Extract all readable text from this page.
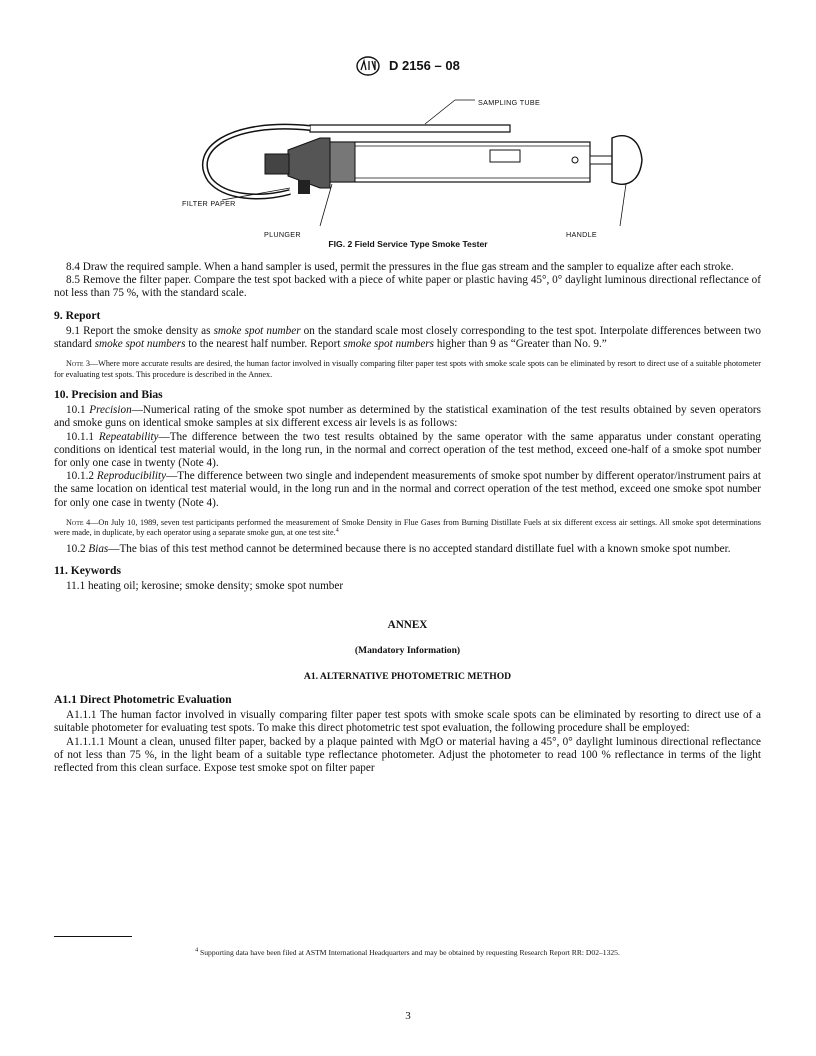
D 2156 – 08
SAMPLING TUBE
FILTER PAPER
PLUNGER	HANDLE
FIG. 2 Field Service Type Smoke Tester

8.4 Draw the required sample. When a hand sampler is used, permit the pressures in the flue gas stream and the sampler to equalize after each stroke.

8.5 Remove the filter paper. Compare the test spot backed with a piece of white paper or plastic having 45°, 0° daylight luminous directional reflectance of not less than 75 %, with the standard scale.

9. Report

9.1 Report the smoke density as smoke spot number on the standard scale most closely corresponding to the test spot. Interpolate differences between two standard smoke spot numbers to the nearest half number. Report smoke spot numbers higher than 9 as “Greater than No. 9.”

Note 3—Where more accurate results are desired, the human factor involved in visually comparing filter paper test spots with smoke scale spots can be eliminated by resort to direct use of a suitable photometer for evaluating test spots. This procedure is described in the Annex.

10. Precision and Bias

10.1 Precision—Numerical rating of the smoke spot number as determined by the statistical examination of the test results obtained by seven operators and smoke guns on identical smoke samples at six different excess air levels is as follows:

10.1.1 Repeatability—The difference between the two test results obtained by the same operator with the same apparatus under constant operating conditions on identical test material would, in the long run, in the normal and correct operation of the test method, exceed one-half of a smoke spot number for only one case in twenty (Note 4).

10.1.2 Reproducibility—The difference between two single and independent measurements of smoke spot number by different operator/instrument pairs at the same location on identical test material would, in the long run and in the normal and correct operation of the test method, exceed one smoke spot number for only one case in twenty (Note 4).

Note 4—On July 10, 1989, seven test participants performed the measurement of Smoke Density in Flue Gases from Burning Distillate Fuels at six different excess air settings. All smoke spot determinations were made, in duplicate, by each operator using a separate smoke gun, at one test site.$^4$

10.2 Bias—The bias of this test method cannot be determined because there is no accepted standard distillate fuel with a known smoke spot number.

11. Keywords

11.1 heating oil; kerosine; smoke density; smoke spot number

ANNEX

(Mandatory Information)

A1. ALTERNATIVE PHOTOMETRIC METHOD

A1.1 Direct Photometric Evaluation

A1.1.1 The human factor involved in visually comparing filter paper test spots with smoke scale spots can be eliminated by resorting to direct use of a suitable photometer for evaluating test spots. To make this direct photometric test spot evaluation, the following procedure shall be employed:

A1.1.1.1 Mount a clean, unused filter paper, backed by a plaque painted with MgO or material having a 45°, 0° daylight luminous directional reflectance of not less than 75 %, in the light beam of a suitable type reflectance photometer. Adjust the photometer to read 100 % reflectance in terms of the light reflected from this clean surface. Expose test smoke spot on filter paper

$^4$ Supporting data have been filed at ASTM International Headquarters and may be obtained by requesting Research Report RR: D02–1325.
3
